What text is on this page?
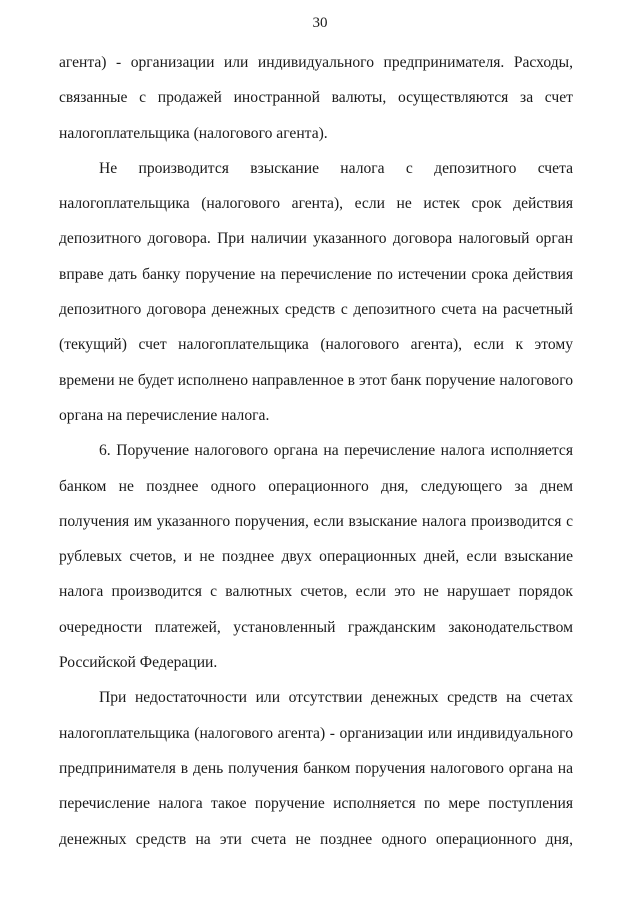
30
агента) - организации или индивидуального предпринимателя. Расходы,
связанные с продажей иностранной валюты, осуществляются за счет
налогоплательщика (налогового агента).
Не производится взыскание налога с депозитного счета
налогоплательщика (налогового агента), если не истек срок действия
депозитного договора. При наличии указанного договора налоговый орган
вправе дать банку поручение на перечисление по истечении срока действия
депозитного договора денежных средств с депозитного счета на расчетный
(текущий) счет налогоплательщика (налогового агента), если к этому
времени не будет исполнено направленное в этот банк поручение налогового
органа на перечисление налога.
6. Поручение налогового органа на перечисление налога исполняется
банком не позднее одного операционного дня, следующего за днем
получения им указанного поручения, если взыскание налога производится с
рублевых счетов, и не позднее двух операционных дней, если взыскание
налога производится с валютных счетов, если это не нарушает порядок
очередности платежей, установленный гражданским законодательством
Российской Федерации.
При недостаточности или отсутствии денежных средств на счетах
налогоплательщика (налогового агента) - организации или индивидуального
предпринимателя в день получения банком поручения налогового органа на
перечисление налога такое поручение исполняется по мере поступления
денежных средств на эти счета не позднее одного операционного дня,
